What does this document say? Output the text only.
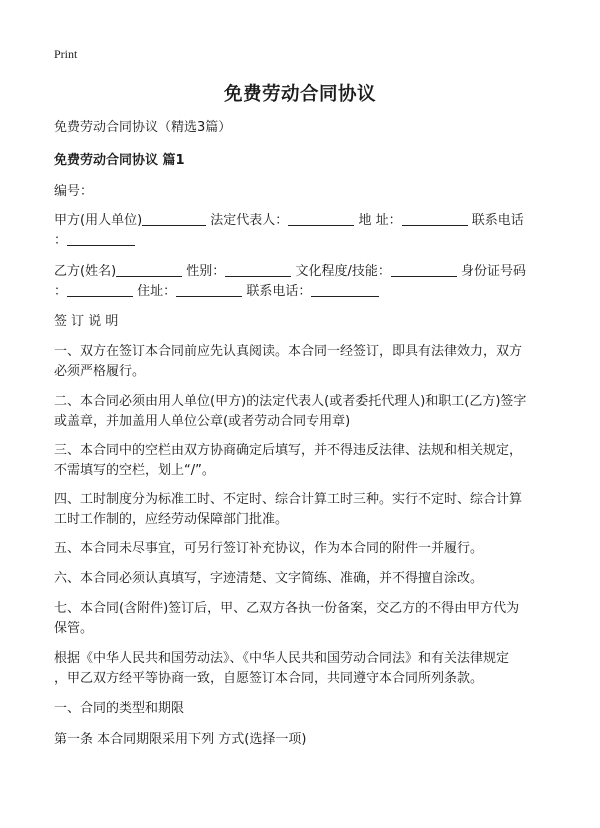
Print
免费劳动合同协议
免费劳动合同协议（精选3篇）
免费劳动合同协议 篇1
编号：
甲方(用人单位)	法定代表人：	地 址：	联系电话
：
乙方(姓名)	性别：	文化程度/技能：	身份证号码
：	住址：	联系电话：
签 订 说 明
一、双方在签订本合同前应先认真阅读。本合同一经签订，即具有法律效力，双方
必须严格履行。
二、本合同必须由用人单位(甲方)的法定代表人(或者委托代理人)和职工(乙方)签字
或盖章，并加盖用人单位公章(或者劳动合同专用章)
三、本合同中的空栏由双方协商确定后填写，并不得违反法律、法规和相关规定，
不需填写的空栏，划上“/”。
四、工时制度分为标准工时、不定时、综合计算工时三种。实行不定时、综合计算
工时工作制的，应经劳动保障部门批准。
五、本合同未尽事宜，可另行签订补充协议，作为本合同的附件一并履行。
六、本合同必须认真填写，字迹清楚、文字简练、准确，并不得擅自涂改。
七、本合同(含附件)签订后，甲、乙双方各执一份备案，交乙方的不得由甲方代为
保管。
根据《中华人民共和国劳动法》、《中华人民共和国劳动合同法》和有关法律规定
，甲乙双方经平等协商一致，自愿签订本合同，共同遵守本合同所列条款。
一、合同的类型和期限
第一条 本合同期限采用下列 方式(选择一项)
